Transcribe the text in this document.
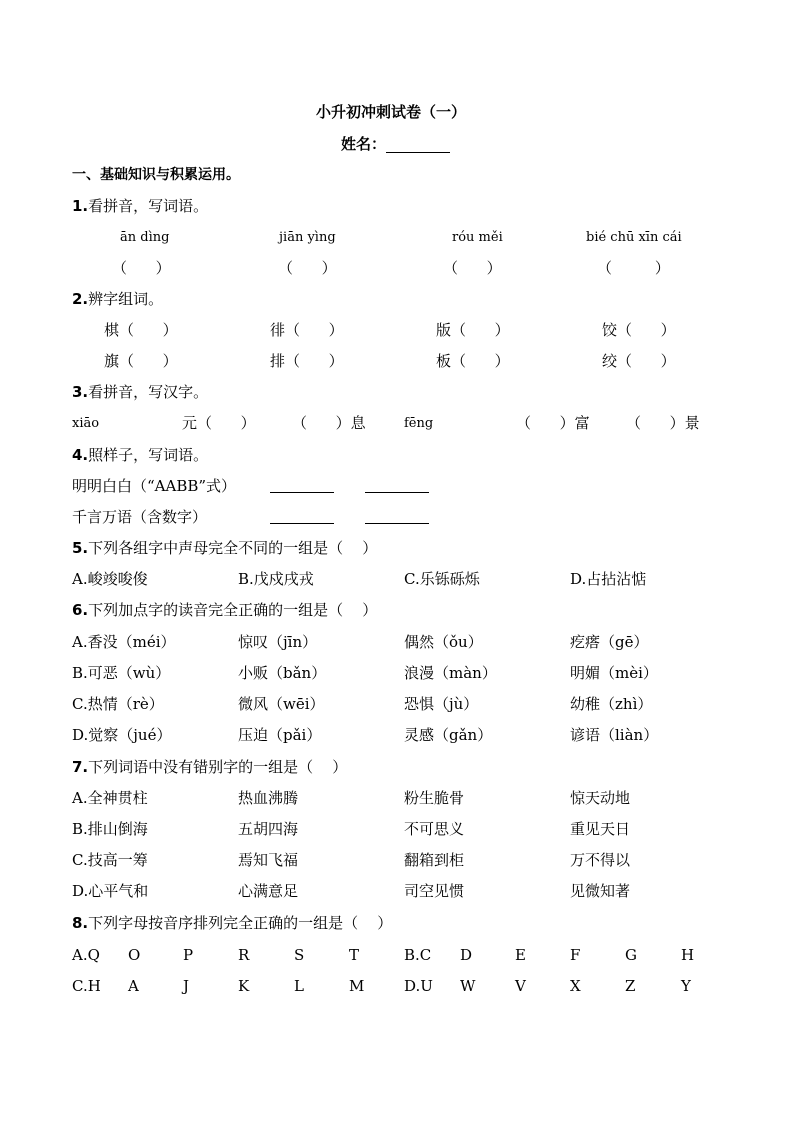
小升初冲刺试卷（一）
姓名：
一、基础知识与积累运用。
1.看拼音，写词语。
ān dìng	jiān yìng	róu měi	bié chū xīn cái
（      ）	（      ）	（      ）	（         ）
2.辨字组词。
棋（      ）	徘（      ）	版（      ）	饺（      ）
旗（      ）	排（      ）	板（      ）	绞（      ）
3.看拼音，写汉字。
xiāo	元（      ） （      ）息	fēng	（      ）富 （      ）景
4.照样子，写词语。
明明白白（“AABB”式）
千言万语（含数字）
5.下列各组字中声母完全不同的一组是（    ）
A.峻竣唆俊	B.戊戍戌戎	C.乐铄砾烁	D.占拈沾惦
6.下列加点字的读音完全正确的一组是（    ）
A.香没（méi）	惊叹（jīn）	偶然（ǒu）	疙瘩（gē）
B.可恶（wù）	小贩（bǎn）	浪漫（màn）	明媚（mèi）
C.热情（rè）	微风（wēi）	恐惧（jù）	幼稚（zhì）
D.觉察（jué）	压迫（pǎi）	灵感（gǎn）	谚语（liàn）
7.下列词语中没有错别字的一组是（    ）
A.全神贯柱	热血沸腾	粉生脆骨	惊天动地
B.排山倒海	五胡四海	不可思义	重见天日
C.技高一筹	焉知飞福	翻箱到柜	万不得以
D.心平气和	心满意足	司空见惯	见微知著
8.下列字母按音序排列完全正确的一组是（    ）
A.Q O	P	R	S	T	B.C D	E	F	G	H
C.H A	J	K	L	M	D.U W	V	X	Z	Y
